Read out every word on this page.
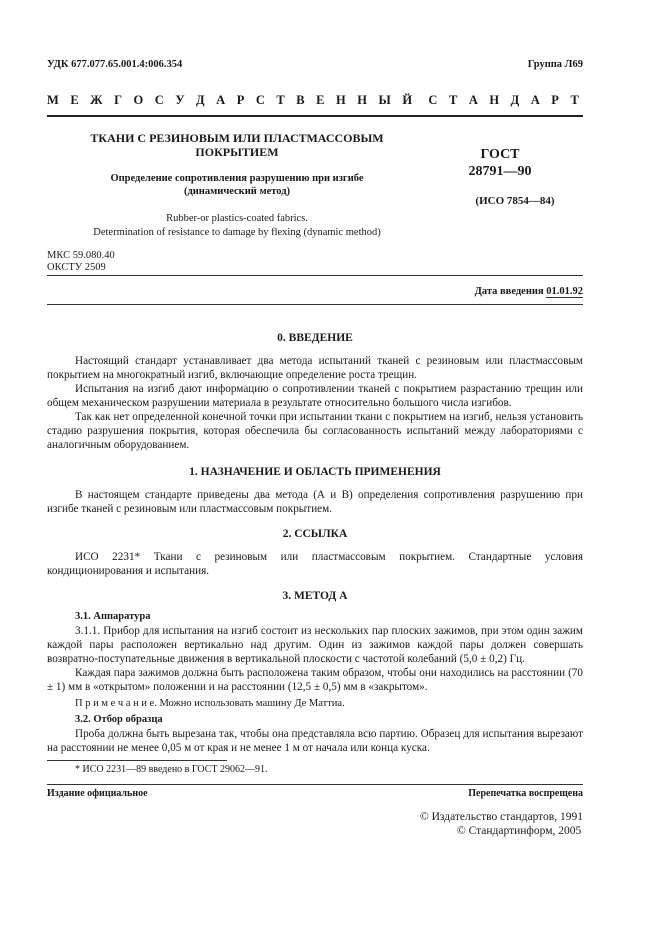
УДК 677.077.65.001.4:006.354	Группа Л69
М Е Ж Г О С У Д А Р С Т В Е Н Н Ы Й С Т А Н Д А Р Т
ТКАНИ С РЕЗИНОВЫМ ИЛИ ПЛАСТМАССОВЫМ
ПОКРЫТИЕМ
Определение сопротивления разрушению при изгибе
(динамический метод)
Rubber-or plastics-coated fabrics.
Determination of resistance to damage by flexing (dynamic method)
ГОСТ
28791—90
(ИСО 7854—84)
МКС 59.080.40
ОКСТУ 2509
Дата введения 01.01.92
0. ВВЕДЕНИЕ
Настоящий стандарт устанавливает два метода испытаний тканей с резиновым или пластмассовым покрытием на многократный изгиб, включающие определение роста трещин.
Испытания на изгиб дают информацию о сопротивлении тканей с покрытием разрастанию трещин или общем механическом разрушении материала в результате относительно большого числа изгибов.
Так как нет определенной конечной точки при испытании ткани с покрытием на изгиб, нельзя установить стадию разрушения покрытия, которая обеспечила бы согласованность испытаний между лабораториями с аналогичным оборудованием.
1. НАЗНАЧЕНИЕ И ОБЛАСТЬ ПРИМЕНЕНИЯ
В настоящем стандарте приведены два метода (А и В) определения сопротивления разрушению при изгибе тканей с резиновым или пластмассовым покрытием.
2. ССЫЛКА
ИСО 2231* Ткани с резиновым или пластмассовым покрытием. Стандартные условия кондиционирования и испытания.
3. МЕТОД А
3.1. Аппаратура
3.1.1. Прибор для испытания на изгиб состоит из нескольких пар плоских зажимов, при этом один зажим каждой пары расположен вертикально над другим. Один из зажимов каждой пары должен совершать возвратно-поступательные движения в вертикальной плоскости с частотой колебаний (5,0 ± 0,2) Гц.
Каждая пара зажимов должна быть расположена таким образом, чтобы они находились на расстоянии (70 ± 1) мм в «открытом» положении и на расстоянии (12,5 ± 0,5) мм в «закрытом».
П р и м е ч а н и е. Можно использовать машину Де Маттиа.
3.2. Отбор образца
Проба должна быть вырезана так, чтобы она представляла всю партию. Образец для испытания вырезают на расстоянии не менее 0,05 м от края и не менее 1 м от начала или конца куска.
* ИСО 2231—89 введено в ГОСТ 29062—91.
Издание официальное	Перепечатка воспрещена
© Издательство стандартов, 1991
© Стандартинформ, 2005
